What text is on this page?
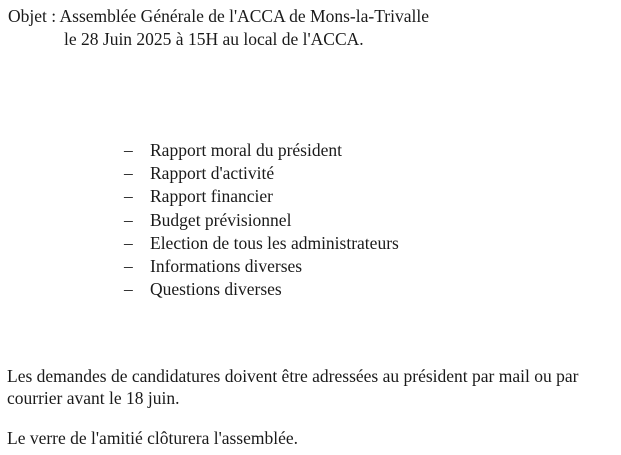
Objet : Assemblée Générale de l'ACCA de Mons-la-Trivalle
le 28 Juin 2025 à 15H au local de l'ACCA.
– Rapport moral du président
– Rapport d'activité
– Rapport financier
– Budget prévisionnel
– Election de tous les administrateurs
– Informations diverses
– Questions diverses
Les demandes de candidatures doivent être adressées au président par mail ou par
courrier avant le 18 juin.
Le verre de l'amitié clôturera l'assemblée.
